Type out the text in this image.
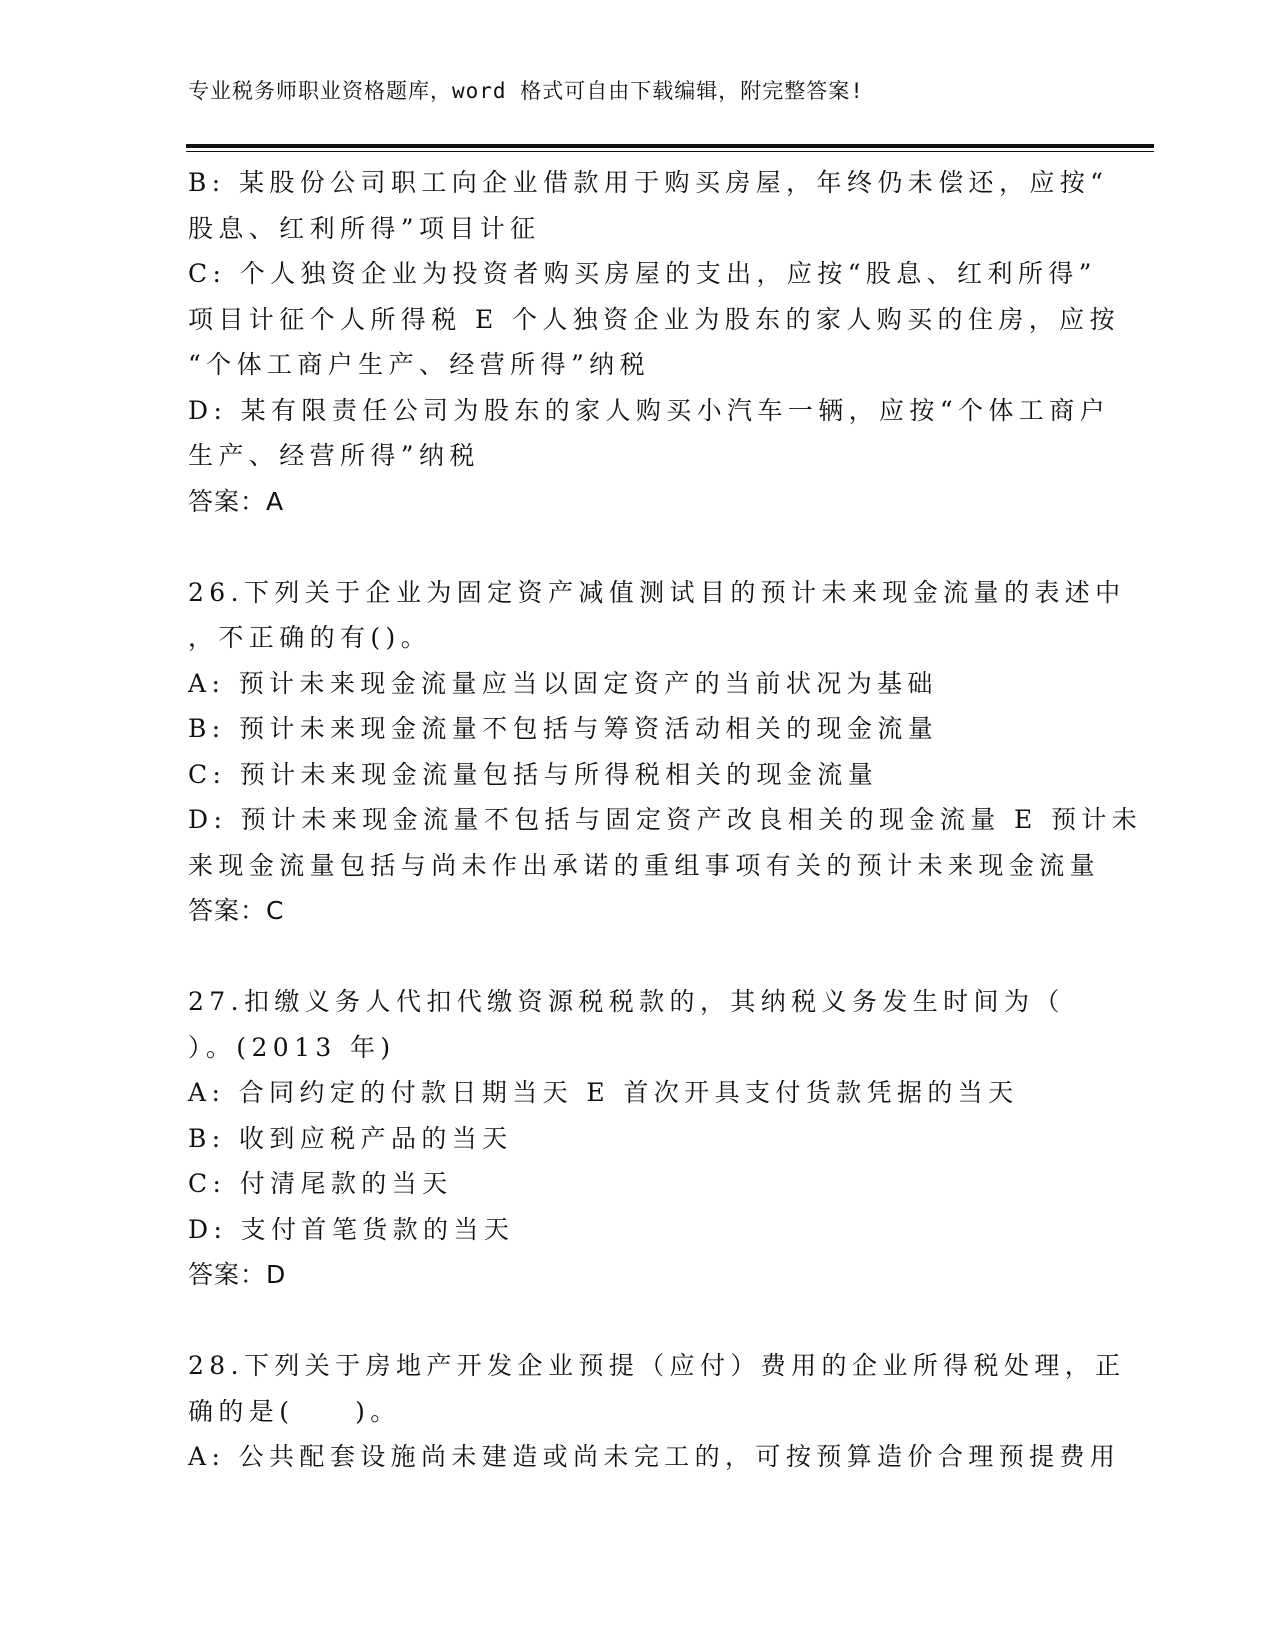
专业税务师职业资格题库，word 格式可自由下载编辑，附完整答案!
B: 某股份公司职工向企业借款用于购买房屋，年终仍未偿还，应按“
股息、红利所得”项目计征
C: 个人独资企业为投资者购买房屋的支出，应按“股息、红利所得”
项目计征个人所得税 E 个人独资企业为股东的家人购买的住房，应按
“个体工商户生产、经营所得”纳税
D: 某有限责任公司为股东的家人购买小汽车一辆，应按“个体工商户
生产、经营所得”纳税
答案：A
26.下列关于企业为固定资产减值测试目的预计未来现金流量的表述中
，不正确的有()。
A: 预计未来现金流量应当以固定资产的当前状况为基础
B: 预计未来现金流量不包括与筹资活动相关的现金流量
C: 预计未来现金流量包括与所得税相关的现金流量
D: 预计未来现金流量不包括与固定资产改良相关的现金流量 E 预计未
来现金流量包括与尚未作出承诺的重组事项有关的预计未来现金流量
答案：C
27.扣缴义务人代扣代缴资源税税款的，其纳税义务发生时间为（
）。(2013 年)
A: 合同约定的付款日期当天 E 首次开具支付货款凭据的当天
B: 收到应税产品的当天
C: 付清尾款的当天
D: 支付首笔货款的当天
答案：D
28.下列关于房地产开发企业预提（应付）费用的企业所得税处理，正
确的是(　　)。
A: 公共配套设施尚未建造或尚未完工的，可按预算造价合理预提费用
